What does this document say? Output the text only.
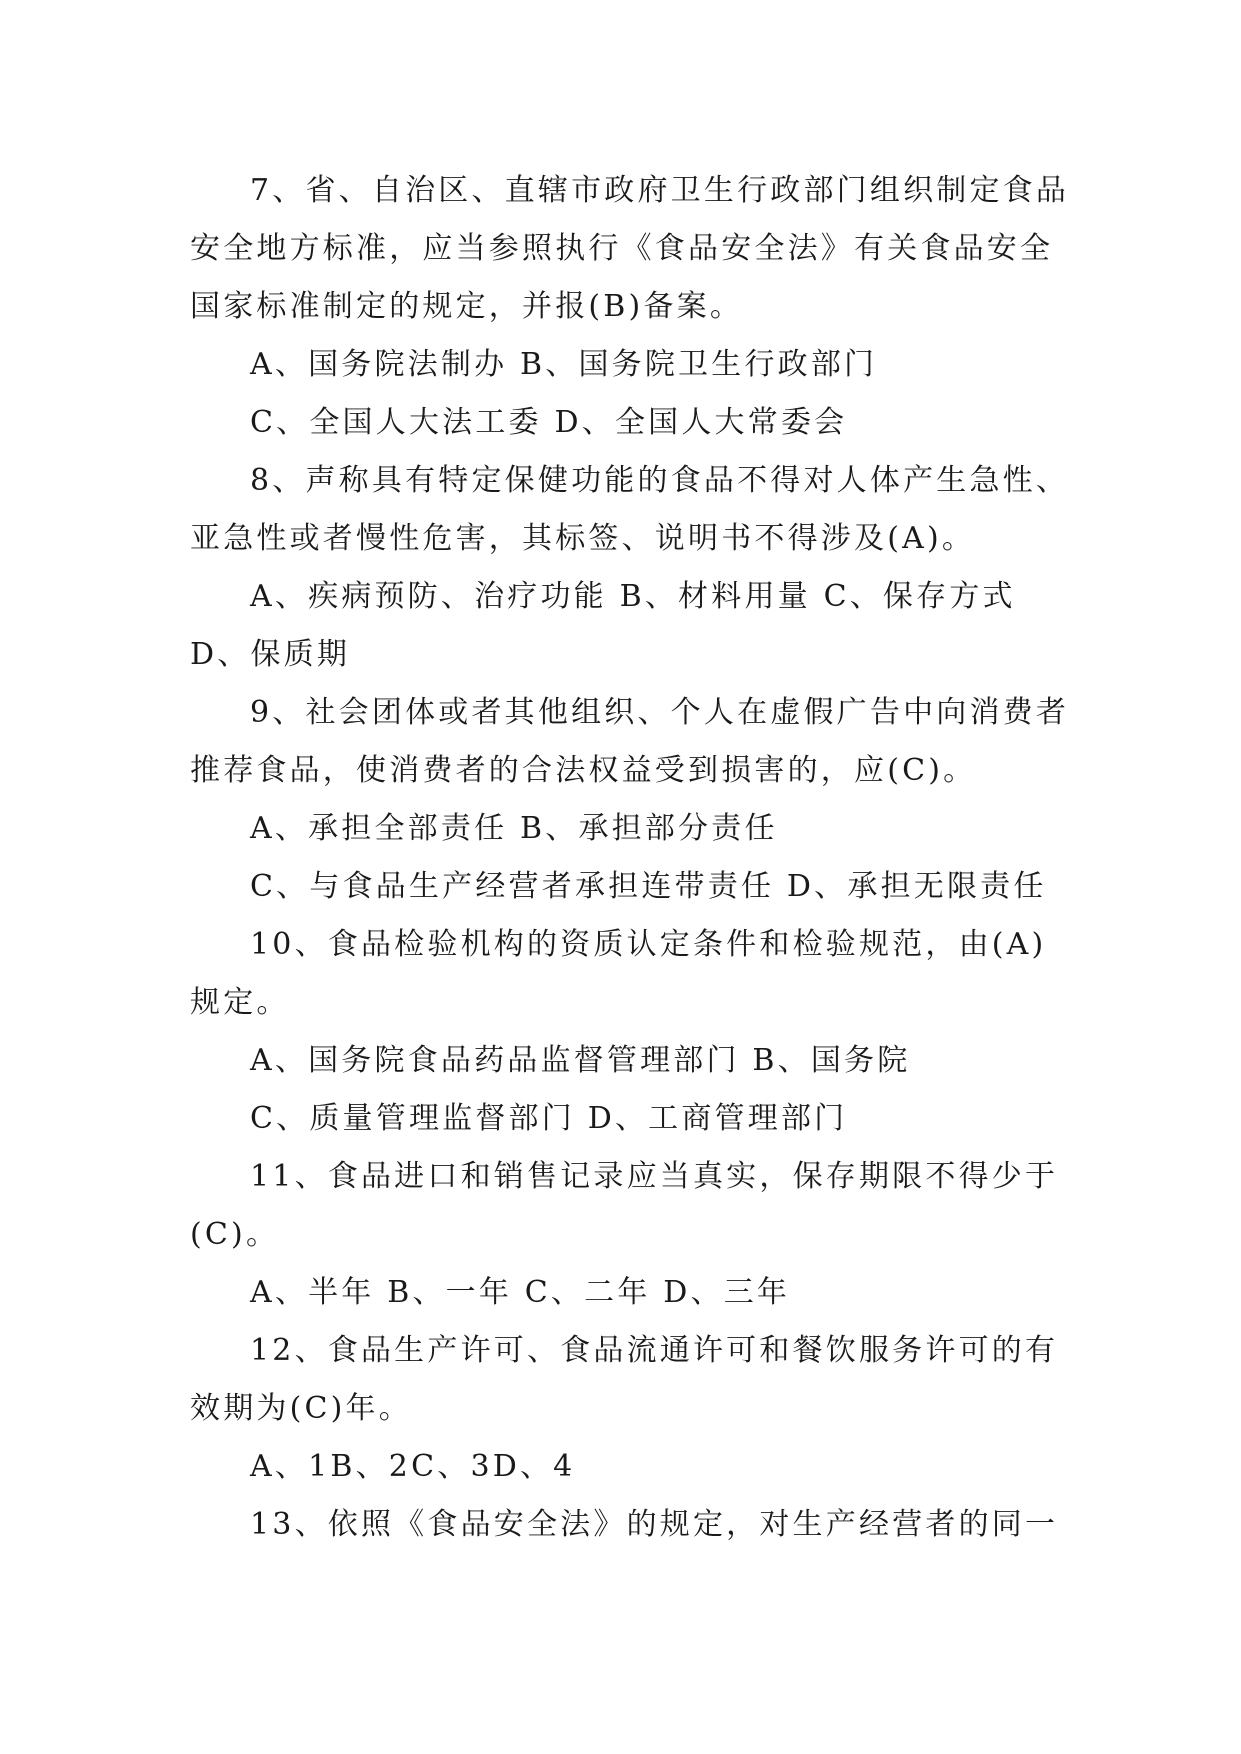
7、省、自治区、直辖市政府卫生行政部门组织制定食品安全地方标准，应当参照执行《食品安全法》有关食品安全国家标准制定的规定，并报(B)备案。

A、国务院法制办 B、国务院卫生行政部门

C、全国人大法工委 D、全国人大常委会

8、声称具有特定保健功能的食品不得对人体产生急性、亚急性或者慢性危害，其标签、说明书不得涉及(A)。

A、疾病预防、治疗功能 B、材料用量 C、保存方式 D、保质期

9、社会团体或者其他组织、个人在虚假广告中向消费者推荐食品，使消费者的合法权益受到损害的，应(C)。

A、承担全部责任 B、承担部分责任

C、与食品生产经营者承担连带责任 D、承担无限责任

10、食品检验机构的资质认定条件和检验规范，由(A)规定。

A、国务院食品药品监督管理部门 B、国务院

C、质量管理监督部门 D、工商管理部门

11、食品进口和销售记录应当真实，保存期限不得少于(C)。

A、半年 B、一年 C、二年 D、三年

12、食品生产许可、食品流通许可和餐饮服务许可的有效期为(C)年。

A、1B、2C、3D、4

13、依照《食品安全法》的规定，对生产经营者的同一
